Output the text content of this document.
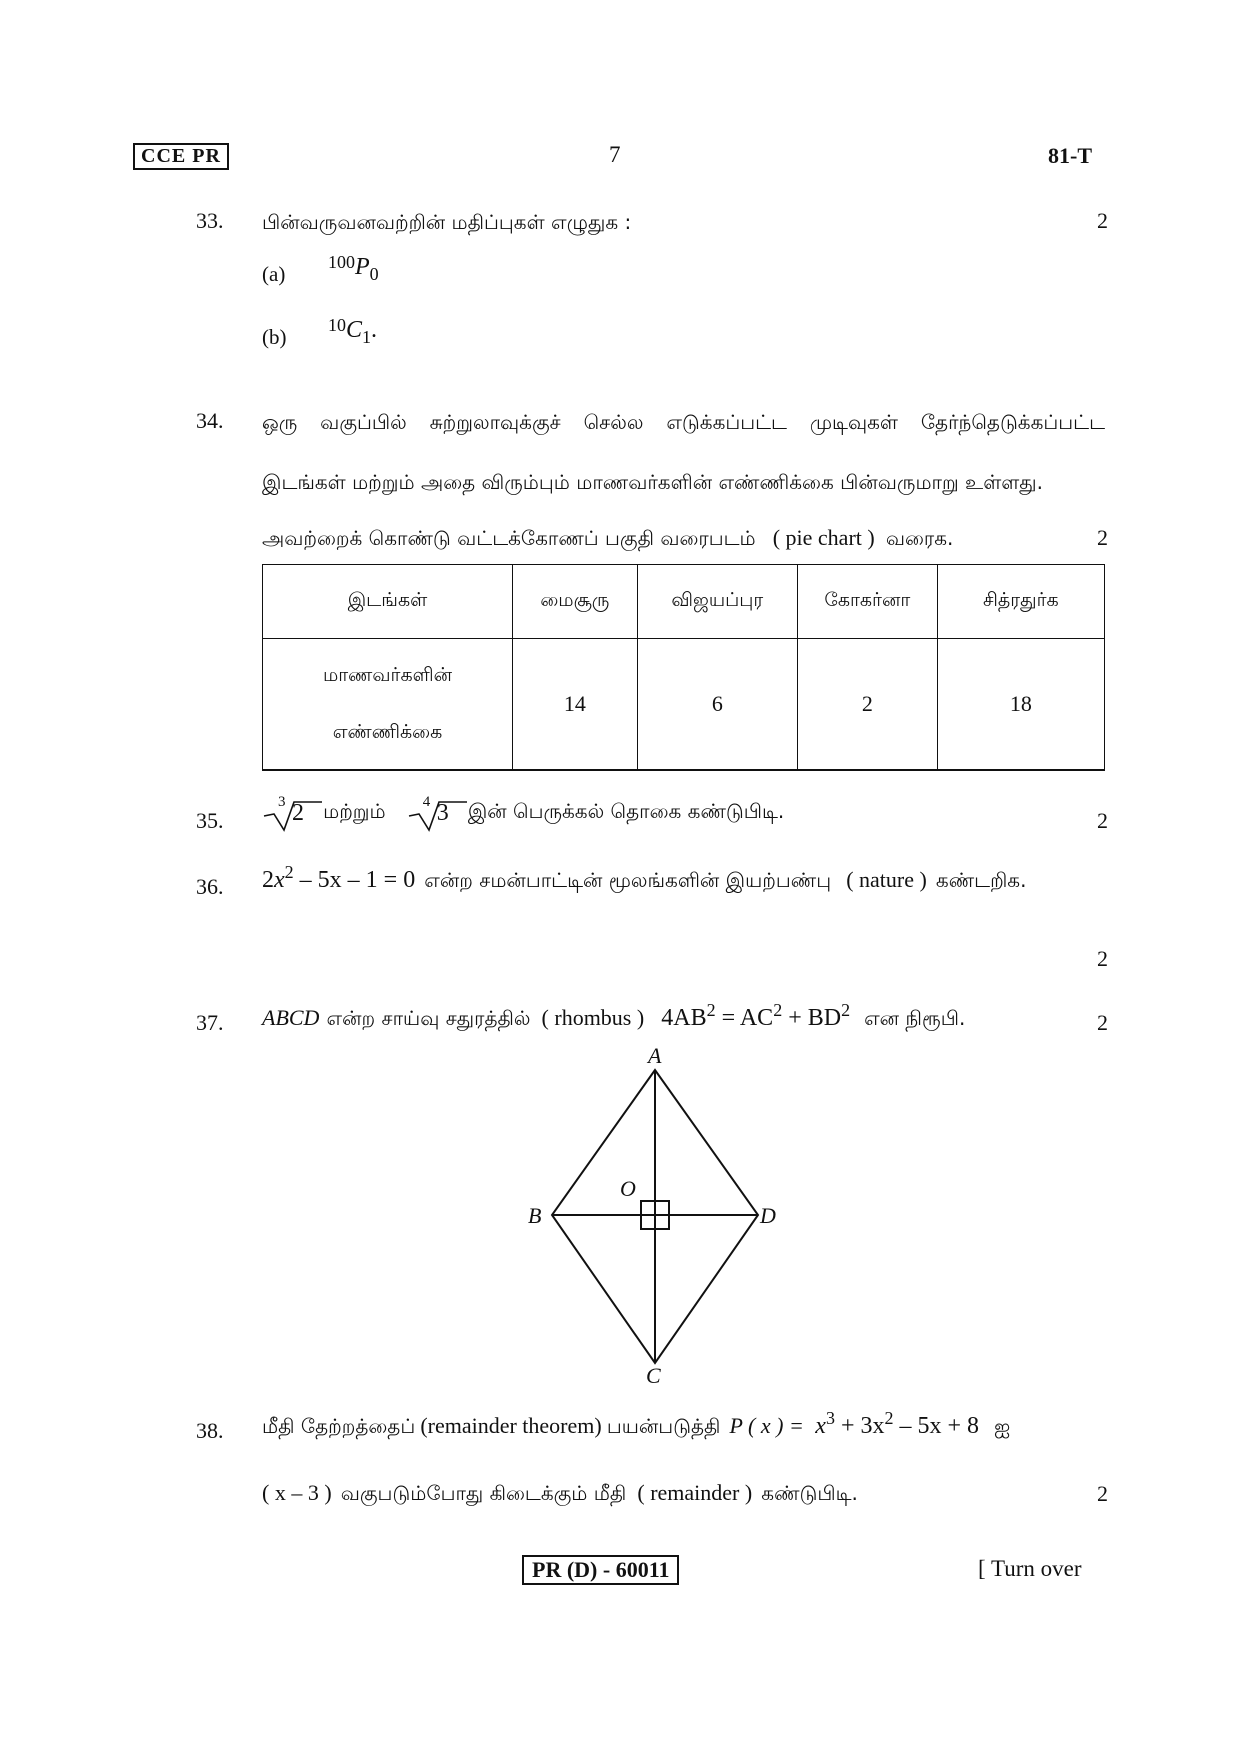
CCE PR	7	81-T
33. பின்வருவனவற்றின் மதிப்புகள் எழுதுக :	2
(a) $^{100}P_0$
(b) $^{10}C_1$.
34. ஒரு வகுப்பில் சுற்றுலாவுக்குச் செல்ல எடுக்கப்பட்ட முடிவுகள் தேர்ந்தெடுக்கப்பட்ட
இடங்கள் மற்றும் அதை விரும்பும் மாணவர்களின் எண்ணிக்கை பின்வருமாறு உள்ளது.
அவற்றைக் கொண்டு வட்டக்கோணப் பகுதி வரைபடம் ( pie chart ) வரைக.	2
இடங்கள்	மைசூரு	விஜயப்புர	கோகர்னா	சித்ரதுர்க

மாணவர்களின்
எண்ணிக்கை	14	6	2	18
35.
3 2 மற்றும் 4 3 இன் பெருக்கல் தொகை கண்டுபிடி.	2
36. $2x^2 - 5x - 1 = 0$ என்ற சமன்பாட்டின் மூலங்களின் இயற்பண்பு ( nature ) கண்டறிக.
2
37. ABCD என்ற சாய்வு சதுரத்தில் ( rhombus ) $4AB^2 = AC^2 + BD^2$ என நிரூபி.	2
A
B
C
D
O
38. மீதி தேற்றத்தைப் (remainder theorem) பயன்படுத்தி P ( x ) = $x^3 + 3x^2 - 5x + 8$ ஐ
( x – 3 ) வகுபடும்போது கிடைக்கும் மீதி ( remainder ) கண்டுபிடி.	2
PR (D) - 60011	[ Turn over
